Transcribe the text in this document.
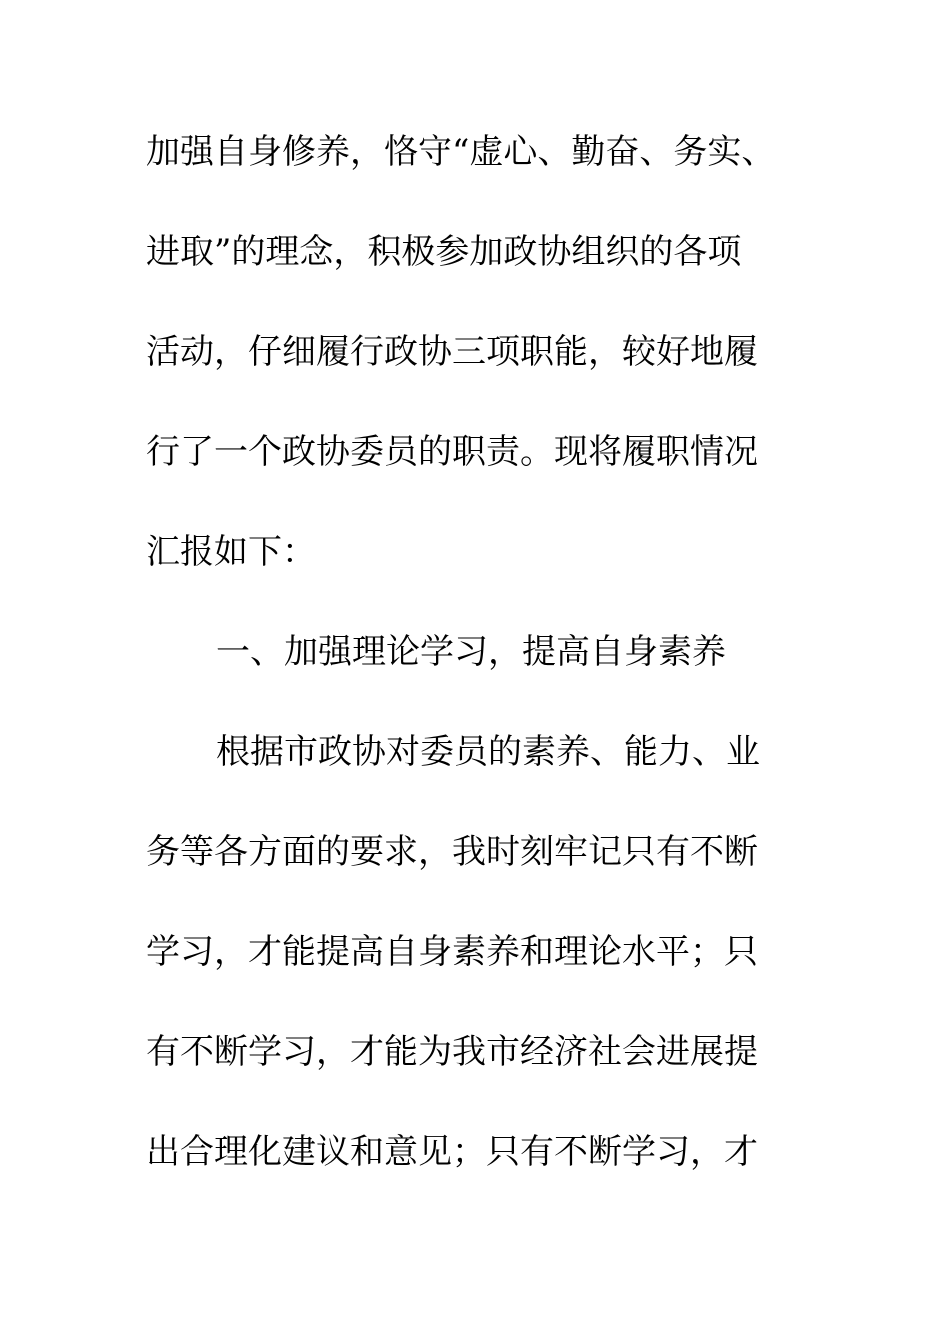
加强自身修养，恪守“虚心、勤奋、务实、
进取”的理念，积极参加政协组织的各项
活动，仔细履行政协三项职能，较好地履
行了一个政协委员的职责。现将履职情况
汇报如下：
一、加强理论学习，提高自身素养
根据市政协对委员的素养、能力、业
务等各方面的要求，我时刻牢记只有不断
学习，才能提高自身素养和理论水平；只
有不断学习，才能为我市经济社会进展提
出合理化建议和意见；只有不断学习，才
